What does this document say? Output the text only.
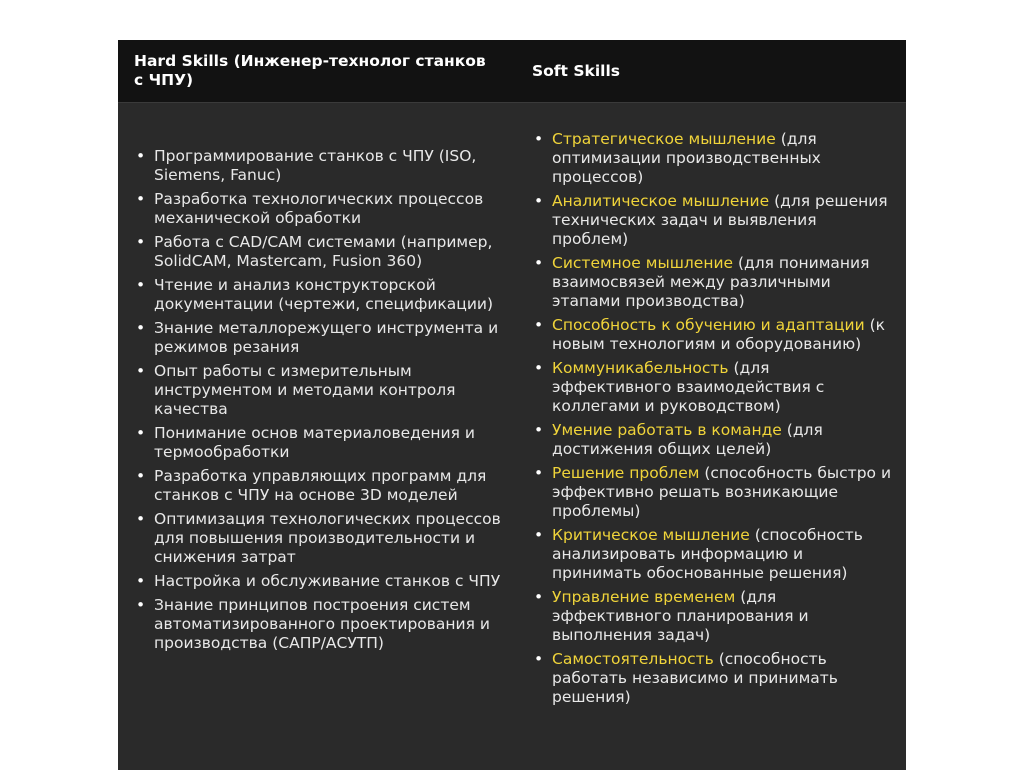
Hard Skills (Инженер-технолог станков с ЧПУ)
Soft Skills
• Программирование станков с ЧПУ (ISO, Siemens, Fanuc)
• Разработка технологических процессов механической обработки
• Работа с CAD/CAM системами (например, SolidCAM, Mastercam, Fusion 360)
• Чтение и анализ конструкторской документации (чертежи, спецификации)
• Знание металлорежущего инструмента и режимов резания
• Опыт работы с измерительным инструментом и методами контроля качества
• Понимание основ материаловедения и термообработки
• Разработка управляющих программ для станков с ЧПУ на основе 3D моделей
• Оптимизация технологических процессов для повышения производительности и снижения затрат
• Настройка и обслуживание станков с ЧПУ
• Знание принципов построения систем автоматизированного проектирования и производства (САПР/АСУТП)
• Стратегическое мышление (для оптимизации производственных процессов)
• Аналитическое мышление (для решения технических задач и выявления проблем)
• Системное мышление (для понимания взаимосвязей между различными этапами производства)
• Способность к обучению и адаптации (к новым технологиям и оборудованию)
• Коммуникабельность (для эффективного взаимодействия с коллегами и руководством)
• Умение работать в команде (для достижения общих целей)
• Решение проблем (способность быстро и эффективно решать возникающие проблемы)
• Критическое мышление (способность анализировать информацию и принимать обоснованные решения)
• Управление временем (для эффективного планирования и выполнения задач)
• Самостоятельность (способность работать независимо и принимать решения)
